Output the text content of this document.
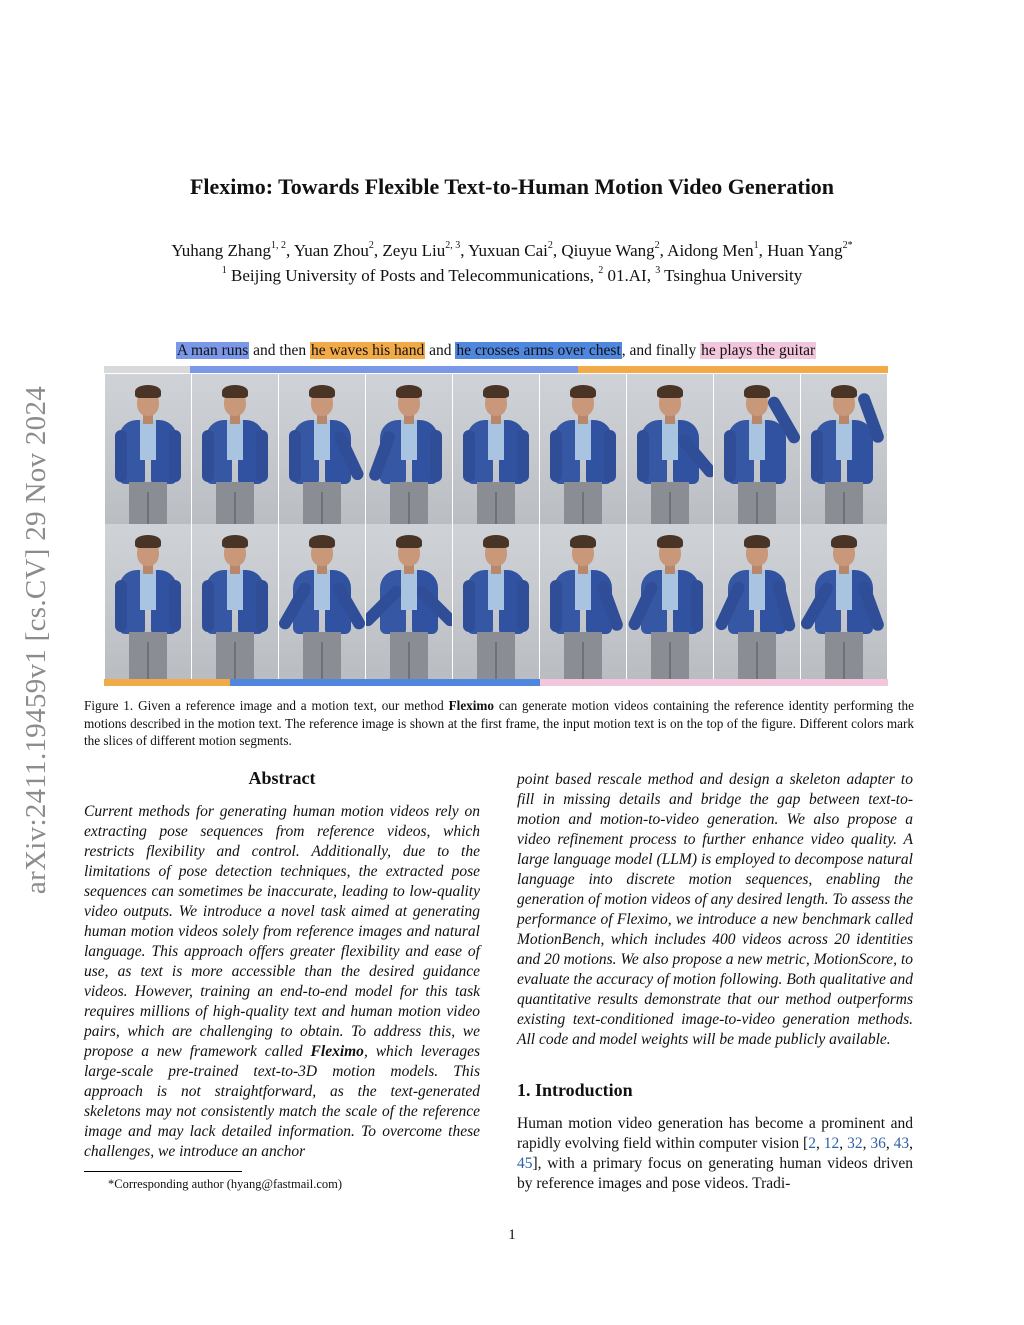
arXiv:2411.19459v1 [cs.CV] 29 Nov 2024
Fleximo: Towards Flexible Text-to-Human Motion Video Generation
Yuhang Zhang$^{1, 2}$, Yuan Zhou$^2$, Zeyu Liu$^{2, 3}$, Yuxuan Cai$^2$, Qiuyue Wang$^2$, Aidong Men$^1$, Huan Yang$^{2*}$
$^1$ Beijing University of Posts and Telecommunications, $^2$ 01.AI, $^3$ Tsinghua University
A man runs and then he waves his hand and he crosses arms over chest, and finally he plays the guitar
Figure 1. Given a reference image and a motion text, our method Fleximo can generate motion videos containing the reference identity performing the motions described in the motion text. The reference image is shown at the first frame, the input motion text is on the top of the figure. Different colors mark the slices of different motion segments.
Abstract
Current methods for generating human motion videos rely on extracting pose sequences from reference videos, which restricts flexibility and control. Additionally, due to the limitations of pose detection techniques, the extracted pose sequences can sometimes be inaccurate, leading to low-quality video outputs. We introduce a novel task aimed at generating human motion videos solely from reference images and natural language. This approach offers greater flexibility and ease of use, as text is more accessible than the desired guidance videos. However, training an end-to-end model for this task requires millions of high-quality text and human motion video pairs, which are challenging to obtain. To address this, we propose a new framework called Fleximo, which leverages large-scale pre-trained text-to-3D motion models. This approach is not straightforward, as the text-generated skeletons may not consistently match the scale of the reference image and may lack detailed information. To overcome these challenges, we introduce an anchor
point based rescale method and design a skeleton adapter to fill in missing details and bridge the gap between text-to-motion and motion-to-video generation. We also propose a video refinement process to further enhance video quality. A large language model (LLM) is employed to decompose natural language into discrete motion sequences, enabling the generation of motion videos of any desired length. To assess the performance of Fleximo, we introduce a new benchmark called MotionBench, which includes 400 videos across 20 identities and 20 motions. We also propose a new metric, MotionScore, to evaluate the accuracy of motion following. Both qualitative and quantitative results demonstrate that our method outperforms existing text-conditioned image-to-video generation methods. All code and model weights will be made publicly available.
1. Introduction
Human motion video generation has become a prominent and rapidly evolving field within computer vision [2, 12, 32, 36, 43, 45], with a primary focus on generating human videos driven by reference images and pose videos. Tradi-
*Corresponding author (hyang@fastmail.com)
1
